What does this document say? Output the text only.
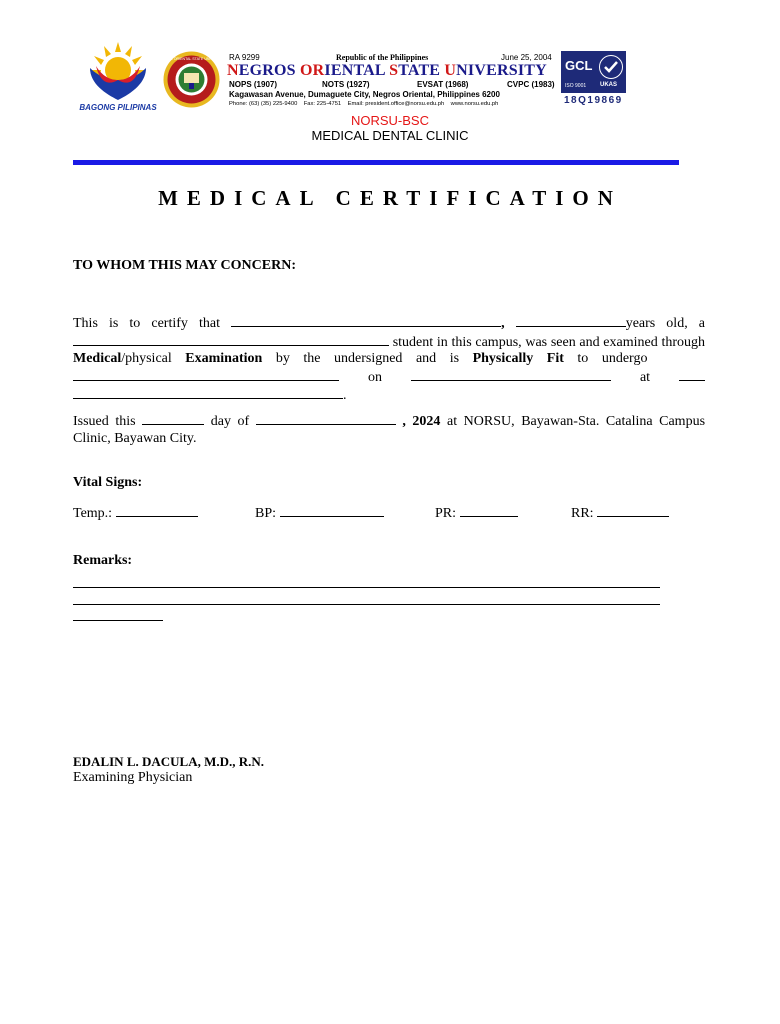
BAGONG PILIPINAS
NEGROS ORIENTAL STATE UNIVERSITY RA 9299	Republic of the Philippines	June 25, 2004
NEGROS ORIENTAL STATE UNIVERSITY
NOPS (1907)	NOTS (1927)	EVSAT (1968)	CVPC (1983)
Kagawasan Avenue, Dumaguete City, Negros Oriental, Philippines 6200
Phone: (63) (35) 225-9400    Fax: 225-4751    Email: president.office@norsu.edu.ph    www.norsu.edu.ph
GCL
ISO 9001 UKAS
18Q19869
NORSU-BSC
MEDICAL DENTAL CLINIC
MEDICAL CERTIFICATION
TO WHOM THIS MAY CONCERN:
This is to certify that	,	years old, a  student in this campus, was seen and examined through Medical/physical Examination by the undersigned and is Physically Fit to undergo  on	at  .
Issued this	day of	, 2024 at NORSU, Bayawan-Sta. Catalina Campus Clinic, Bayawan City.
Vital Signs:
Temp.:	BP:	PR:	RR:
Remarks:
EDALIN L. DACULA, M.D., R.N.
Examining Physician
